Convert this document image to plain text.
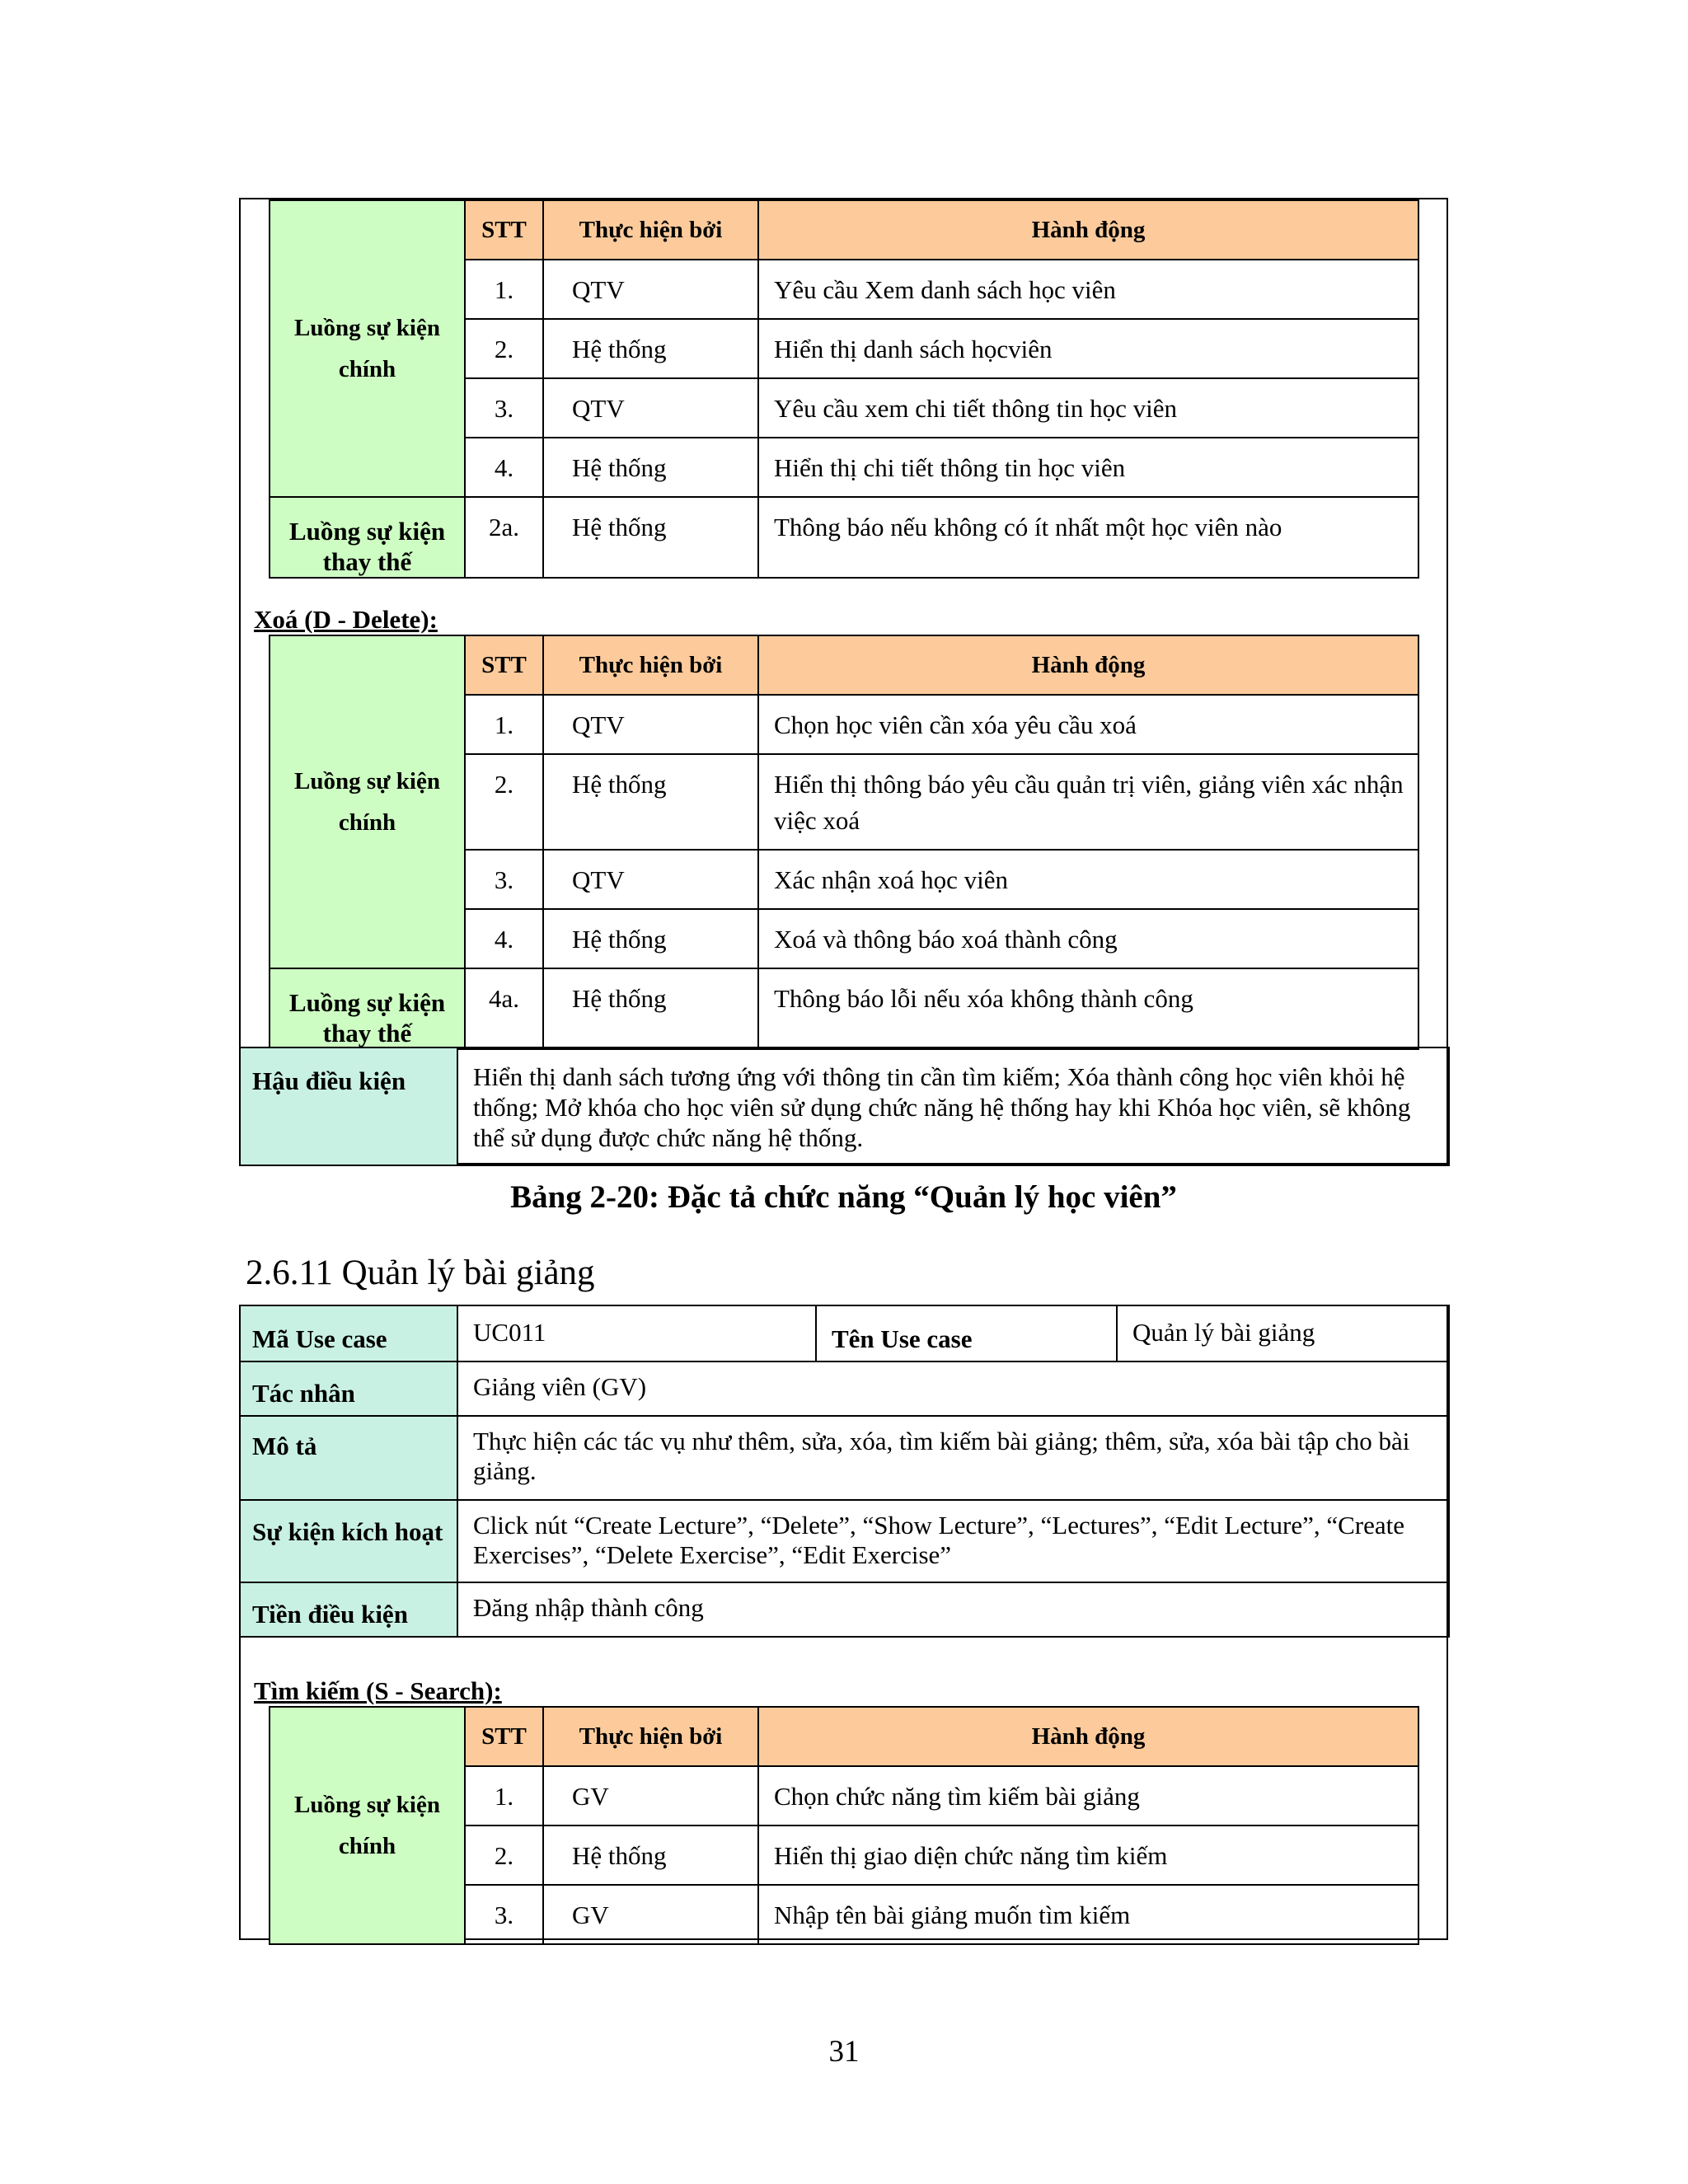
Luồng sự kiện chính	STT	Thực hiện bởi	Hành động
	1.	QTV	Yêu cầu Xem danh sách học viên
	2.	Hệ thống	Hiển thị danh sách họcviên
	3.	QTV	Yêu cầu xem chi tiết thông tin học viên
	4.	Hệ thống	Hiển thị chi tiết thông tin học viên
Luồng sự kiện thay thế	2a.	Hệ thống	Thông báo nếu không có ít nhất một học viên nào
Xoá (D - Delete):
Luồng sự kiện chính	STT	Thực hiện bởi	Hành động
	1.	QTV	Chọn học viên cần xóa yêu cầu xoá
	2.	Hệ thống	Hiển thị thông báo yêu cầu quản trị viên, giảng viên xác nhận việc xoá
	3.	QTV	Xác nhận xoá học viên
	4.	Hệ thống	Xoá và thông báo xoá thành công
Luồng sự kiện thay thế	4a.	Hệ thống	Thông báo lỗi nếu xóa không thành công
Hậu điều kiện	Hiển thị danh sách tương ứng với thông tin cần tìm kiếm; Xóa thành công học viên khỏi hệ thống; Mở khóa cho học viên sử dụng chức năng hệ thống hay khi Khóa học viên, sẽ không thể sử dụng được chức năng hệ thống.
Bảng 2-20: Đặc tả chức năng “Quản lý học viên”
2.6.11 Quản lý bài giảng
Mã Use case	UC011	Tên Use case	Quản lý bài giảng
Tác nhân	Giảng viên (GV)		
Mô tả	Thực hiện các tác vụ như thêm, sửa, xóa, tìm kiếm bài giảng; thêm, sửa, xóa bài tập cho bài giảng.		
Sự kiện kích hoạt	Click nút “Create Lecture”, “Delete”, “Show Lecture”, “Lectures”, “Edit Lecture”, “Create Exercises”, “Delete Exercise”, “Edit Exercise”		
Tiền điều kiện	Đăng nhập thành công		
Tìm kiếm (S - Search):
Luồng sự kiện chính	STT	Thực hiện bởi	Hành động
	1.	GV	Chọn chức năng tìm kiếm bài giảng
	2.	Hệ thống	Hiển thị giao diện chức năng tìm kiếm
	3.	GV	Nhập tên bài giảng muốn tìm kiếm
31
